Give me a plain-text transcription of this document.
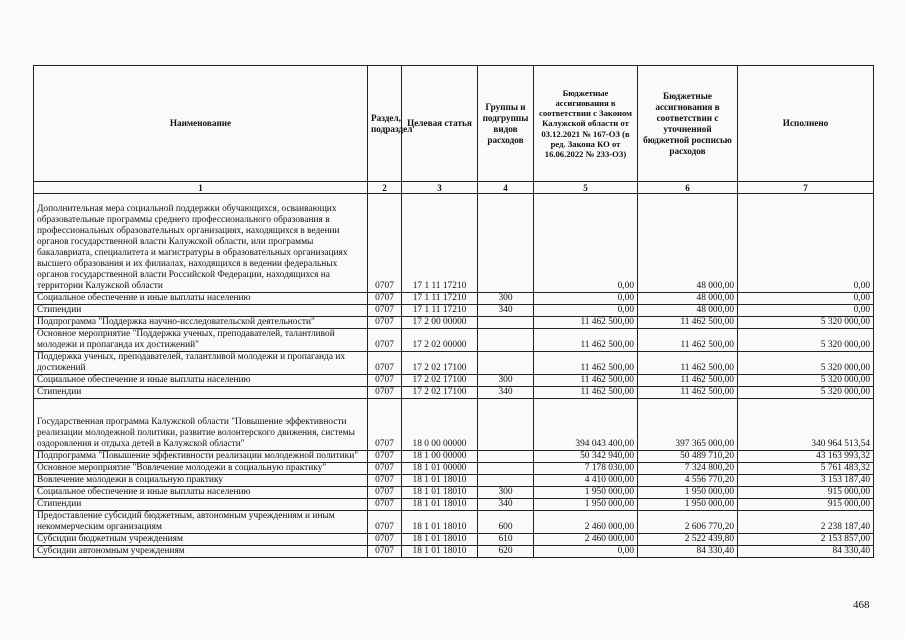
Наименование	Раздел, подраздел	Целевая статья	Группы и подгруппы видов расходов	Бюджетные ассигнования в соответствии с Законом Калужской области от 03.12.2021 № 167-ОЗ (в ред. Закона КО от 16.06.2022 № 233-ОЗ)	Бюджетные ассигнования в соответствии с уточненной бюджетной росписью расходов	Исполнено
1	2	3	4	5	6	7
Дополнительная мера социальной поддержки обучающихся, осваивающих образовательные программы среднего профессионального образования в профессиональных образовательных организациях, находящихся в ведении органов государственной власти Калужской области, или программы бакалавриата, специалитета и магистратуры в образовательных организациях высшего образования и их филиалах, находящихся в ведении федеральных органов государственной власти Российской Федерации, находящихся на территории Калужской области	0707	17 1 11 17210		0,00	48 000,00	0,00
Социальное обеспечение и иные выплаты населению	0707	17 1 11 17210	300	0,00	48 000,00	0,00
Стипендии	0707	17 1 11 17210	340	0,00	48 000,00	0,00
Подпрограмма "Поддержка научно-исследовательской деятельности"	0707	17 2 00 00000		11 462 500,00	11 462 500,00	5 320 000,00
Основное мероприятие "Поддержка ученых, преподавателей, талантливой молодежи и пропаганда их достижений"	0707	17 2 02 00000		11 462 500,00	11 462 500,00	5 320 000,00
Поддержка ученых, преподавателей, талантливой молодежи и пропаганда их достижений	0707	17 2 02 17100		11 462 500,00	11 462 500,00	5 320 000,00
Социальное обеспечение и иные выплаты населению	0707	17 2 02 17100	300	11 462 500,00	11 462 500,00	5 320 000,00
Стипендии	0707	17 2 02 17100	340	11 462 500,00	11 462 500,00	5 320 000,00
Государственная программа Калужской области "Повышение эффективности реализации молодежной политики, развитие волонтерского движения, системы оздоровления и отдыха детей в Калужской области"	0707	18 0 00 00000		394 043 400,00	397 365 000,00	340 964 513,54
Подпрограмма "Повышение эффективности реализации молодежной политики"	0707	18 1 00 00000		50 342 940,00	50 489 710,20	43 163 993,32
Основное мероприятие "Вовлечение молодежи в социальную практику"	0707	18 1 01 00000		7 178 030,00	7 324 800,20	5 761 483,32
Вовлечение молодежи в социальную практику	0707	18 1 01 18010		4 410 000,00	4 556 770,20	3 153 187,40
Социальное обеспечение и иные выплаты населению	0707	18 1 01 18010	300	1 950 000,00	1 950 000,00	915 000,00
Стипендии	0707	18 1 01 18010	340	1 950 000,00	1 950 000,00	915 000,00
Предоставление субсидий бюджетным, автономным учреждениям и иным некоммерческим организациям	0707	18 1 01 18010	600	2 460 000,00	2 606 770,20	2 238 187,40
Субсидии бюджетным учреждениям	0707	18 1 01 18010	610	2 460 000,00	2 522 439,80	2 153 857,00
Субсидии автономным учреждениям	0707	18 1 01 18010	620	0,00	84 330,40	84 330,40
468
